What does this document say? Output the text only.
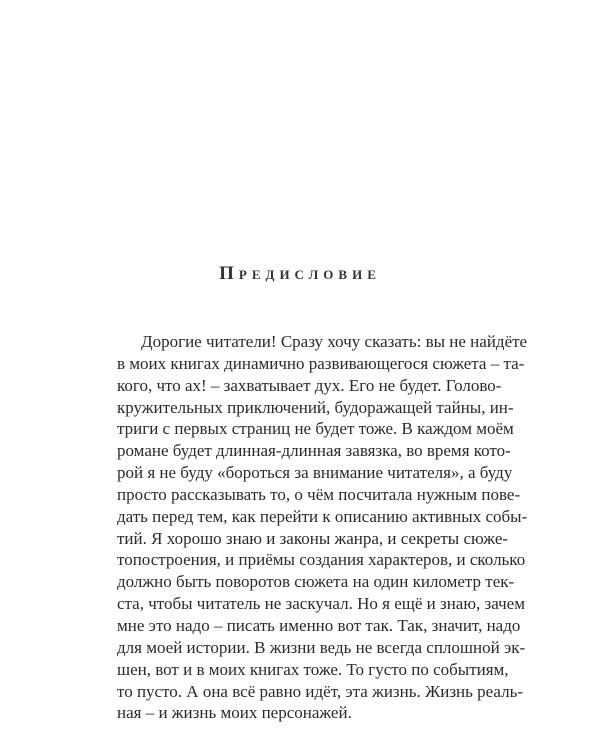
Предисловие
Дорогие читатели! Сразу хочу сказать: вы не найдёте
в моих книгах динамично развивающегося сюжета – та-
кого, что ах! – захватывает дух. Его не будет. Голово-
кружительных приключений, будоражащей тайны, ин-
триги с первых страниц не будет тоже. В каждом моём
романе будет длинная-длинная завязка, во время кото-
рой я не буду «бороться за внимание читателя», а буду
просто рассказывать то, о чём посчитала нужным пове-
дать перед тем, как перейти к описанию активных собы-
тий. Я хорошо знаю и законы жанра, и секреты сюже-
топостроения, и приёмы создания характеров, и сколько
должно быть поворотов сюжета на один километр тек-
ста, чтобы читатель не заскучал. Но я ещё и знаю, зачем
мне это надо – писать именно вот так. Так, значит, надо
для моей истории. В жизни ведь не всегда сплошной эк-
шен, вот и в моих книгах тоже. То густо по событиям,
то пусто. А она всё равно идёт, эта жизнь. Жизнь реаль-
ная – и жизнь моих персонажей.
